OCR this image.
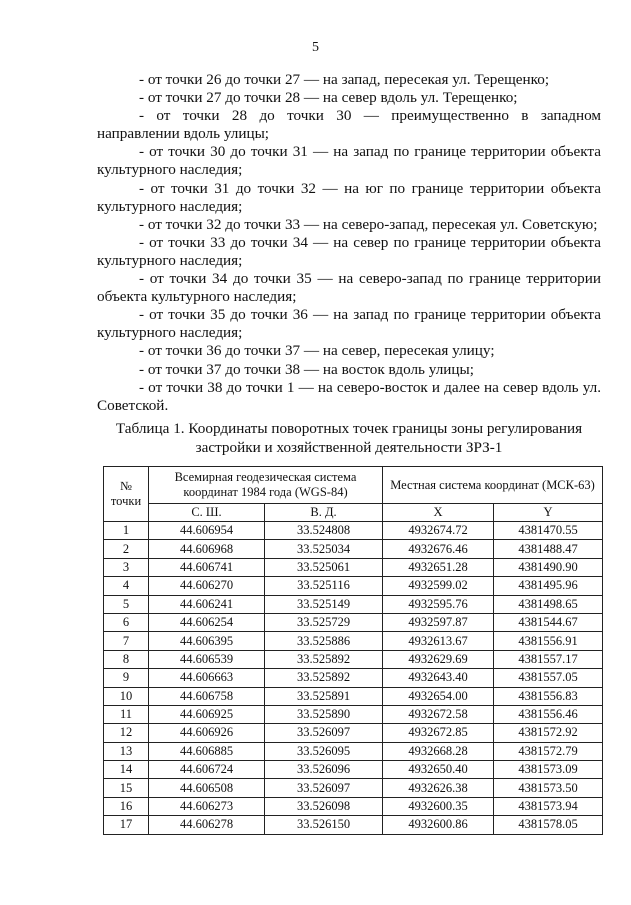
5

- от точки 26 до точки 27 — на запад, пересекая ул. Терещенко;

- от точки 27 до точки 28 — на север вдоль ул. Терещенко;

- от точки 28 до точки 30 — преимущественно в западном направлении вдоль улицы;

- от точки 30 до точки 31 — на запад по границе территории объекта культурного наследия;

- от точки 31 до точки 32 — на юг по границе территории объекта культурного наследия;

- от точки 32 до точки 33 — на северо-запад, пересекая ул. Советскую;

- от точки 33 до точки 34 — на север по границе территории объекта культурного наследия;

- от точки 34 до точки 35 — на северо-запад по границе территории объекта культурного наследия;

- от точки 35 до точки 36 — на запад по границе территории объекта культурного наследия;

- от точки 36 до точки 37 — на север, пересекая улицу;

- от точки 37 до точки 38 — на восток вдоль улицы;

- от точки 38 до точки 1 — на северо-восток и далее на север вдоль ул. Советской.

Таблица 1. Координаты поворотных точек границы зоны регулирования
застройки и хозяйственной деятельности ЗРЗ-1
№ точки	Всемирная геодезическая система координат 1984 года (WGS-84)		Местная система координат (МСК-63)	
	С. Ш.	В. Д.	X	Y
1	44.606954	33.524808	4932674.72	4381470.55
2	44.606968	33.525034	4932676.46	4381488.47
3	44.606741	33.525061	4932651.28	4381490.90
4	44.606270	33.525116	4932599.02	4381495.96
5	44.606241	33.525149	4932595.76	4381498.65
6	44.606254	33.525729	4932597.87	4381544.67
7	44.606395	33.525886	4932613.67	4381556.91
8	44.606539	33.525892	4932629.69	4381557.17
9	44.606663	33.525892	4932643.40	4381557.05
10	44.606758	33.525891	4932654.00	4381556.83
11	44.606925	33.525890	4932672.58	4381556.46
12	44.606926	33.526097	4932672.85	4381572.92
13	44.606885	33.526095	4932668.28	4381572.79
14	44.606724	33.526096	4932650.40	4381573.09
15	44.606508	33.526097	4932626.38	4381573.50
16	44.606273	33.526098	4932600.35	4381573.94
17	44.606278	33.526150	4932600.86	4381578.05
